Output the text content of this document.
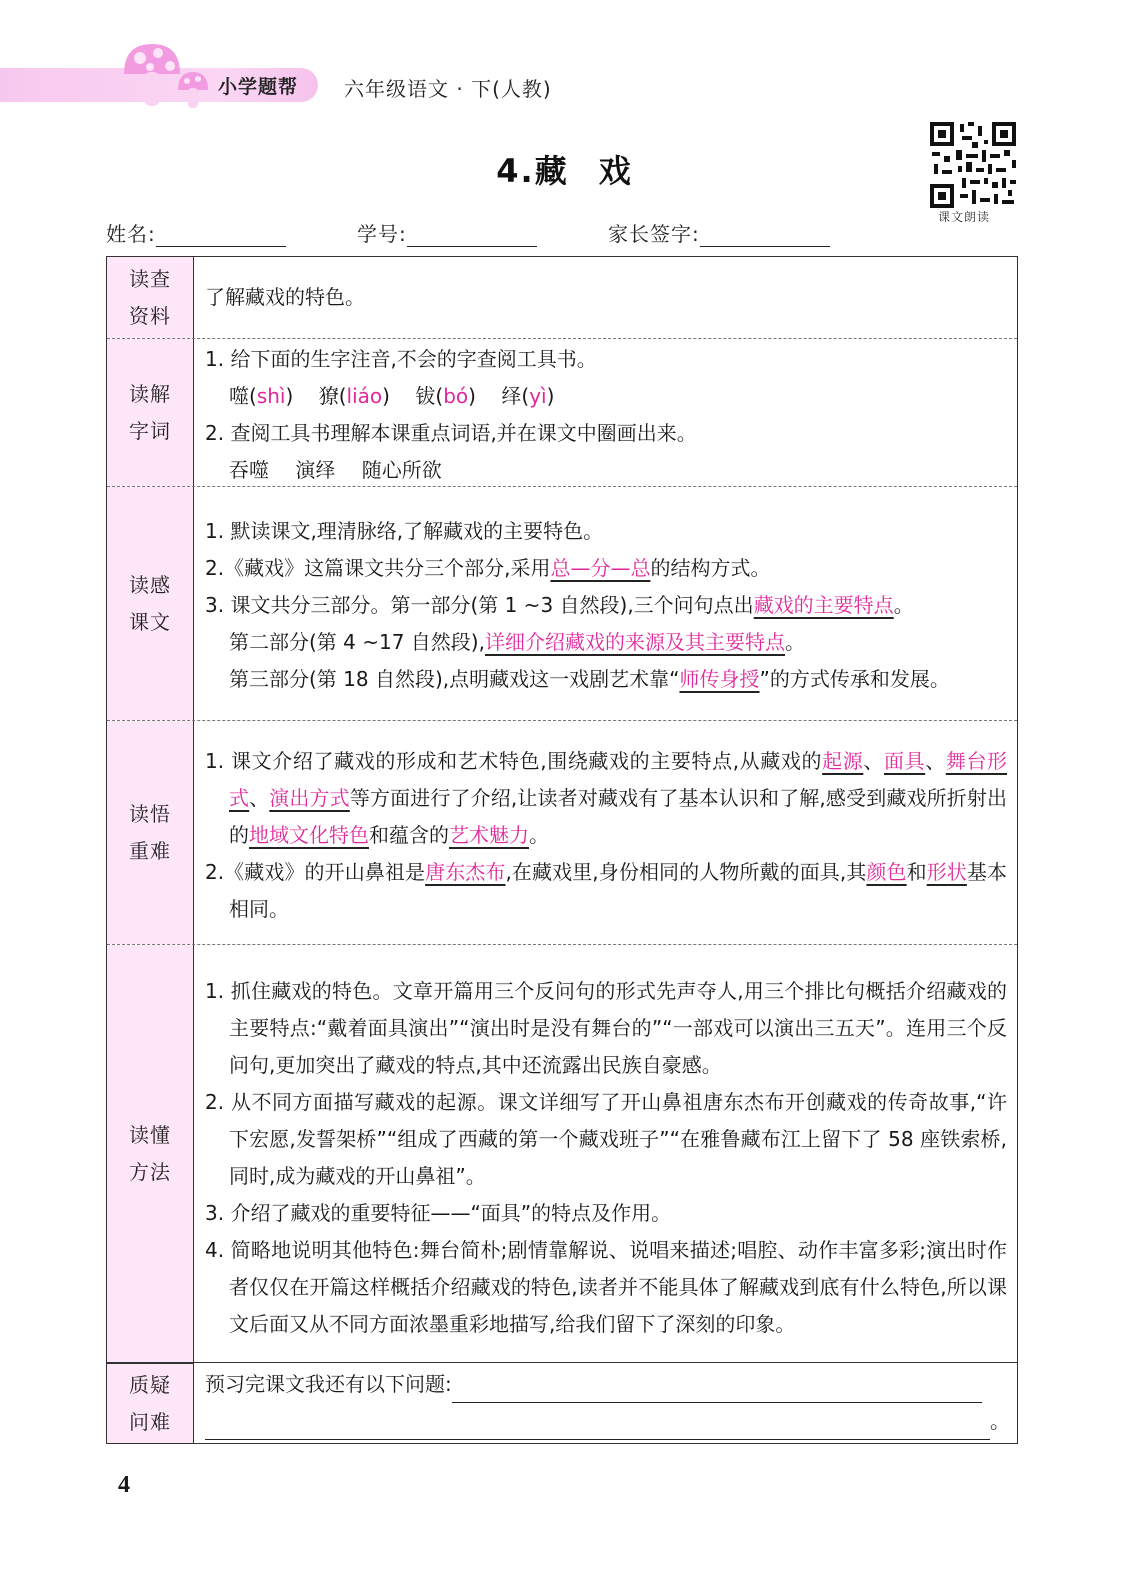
小学题帮 六年级语文 · 下(人教)
4.藏 戏
课文朗读
姓名:	学号:	家长签字:
读查
资料
了解藏戏的特色。
读解
字词
1. 给下面的生字注音,不会的字查阅工具书。
噬(shì) 獠(liáo) 钹(bó) 绎(yì)
2. 查阅工具书理解本课重点词语,并在课文中圈画出来。
吞噬　 演绎　 随心所欲
读感
课文
1. 默读课文,理清脉络,了解藏戏的主要特色。
2.《藏戏》这篇课文共分三个部分,采用总—分—总的结构方式。
3. 课文共分三部分。第一部分(第 1 ~3 自然段),三个问句点出藏戏的主要特点。
第二部分(第 4 ~17 自然段),详细介绍藏戏的来源及其主要特点。
第三部分(第 18 自然段),点明藏戏这一戏剧艺术靠“师传身授”的方式传承和发展。
读悟
重难
1. 课文介绍了藏戏的形成和艺术特色,围绕藏戏的主要特点,从藏戏的起源、面具、舞台形式、演出方式等方面进行了介绍,让读者对藏戏有了基本认识和了解,感受到藏戏所折射出的地域文化特色和蕴含的艺术魅力。
2.《藏戏》的开山鼻祖是唐东杰布,在藏戏里,身份相同的人物所戴的面具,其颜色和形状基本相同。
读懂
方法
1. 抓住藏戏的特色。文章开篇用三个反问句的形式先声夺人,用三个排比句概括介绍藏戏的主要特点:“戴着面具演出”“演出时是没有舞台的”“一部戏可以演出三五天”。连用三个反问句,更加突出了藏戏的特点,其中还流露出民族自豪感。
2. 从不同方面描写藏戏的起源。课文详细写了开山鼻祖唐东杰布开创藏戏的传奇故事,“许下宏愿,发誓架桥”“组成了西藏的第一个藏戏班子”“在雅鲁藏布江上留下了 58 座铁索桥,同时,成为藏戏的开山鼻祖”。
3. 介绍了藏戏的重要特征——“面具”的特点及作用。
4. 简略地说明其他特色:舞台简朴;剧情靠解说、说唱来描述;唱腔、动作丰富多彩;演出时作者仅仅在开篇这样概括介绍藏戏的特色,读者并不能具体了解藏戏到底有什么特色,所以课文后面又从不同方面浓墨重彩地描写,给我们留下了深刻的印象。
质疑
问难
预习完课文我还有以下问题:
。
4
